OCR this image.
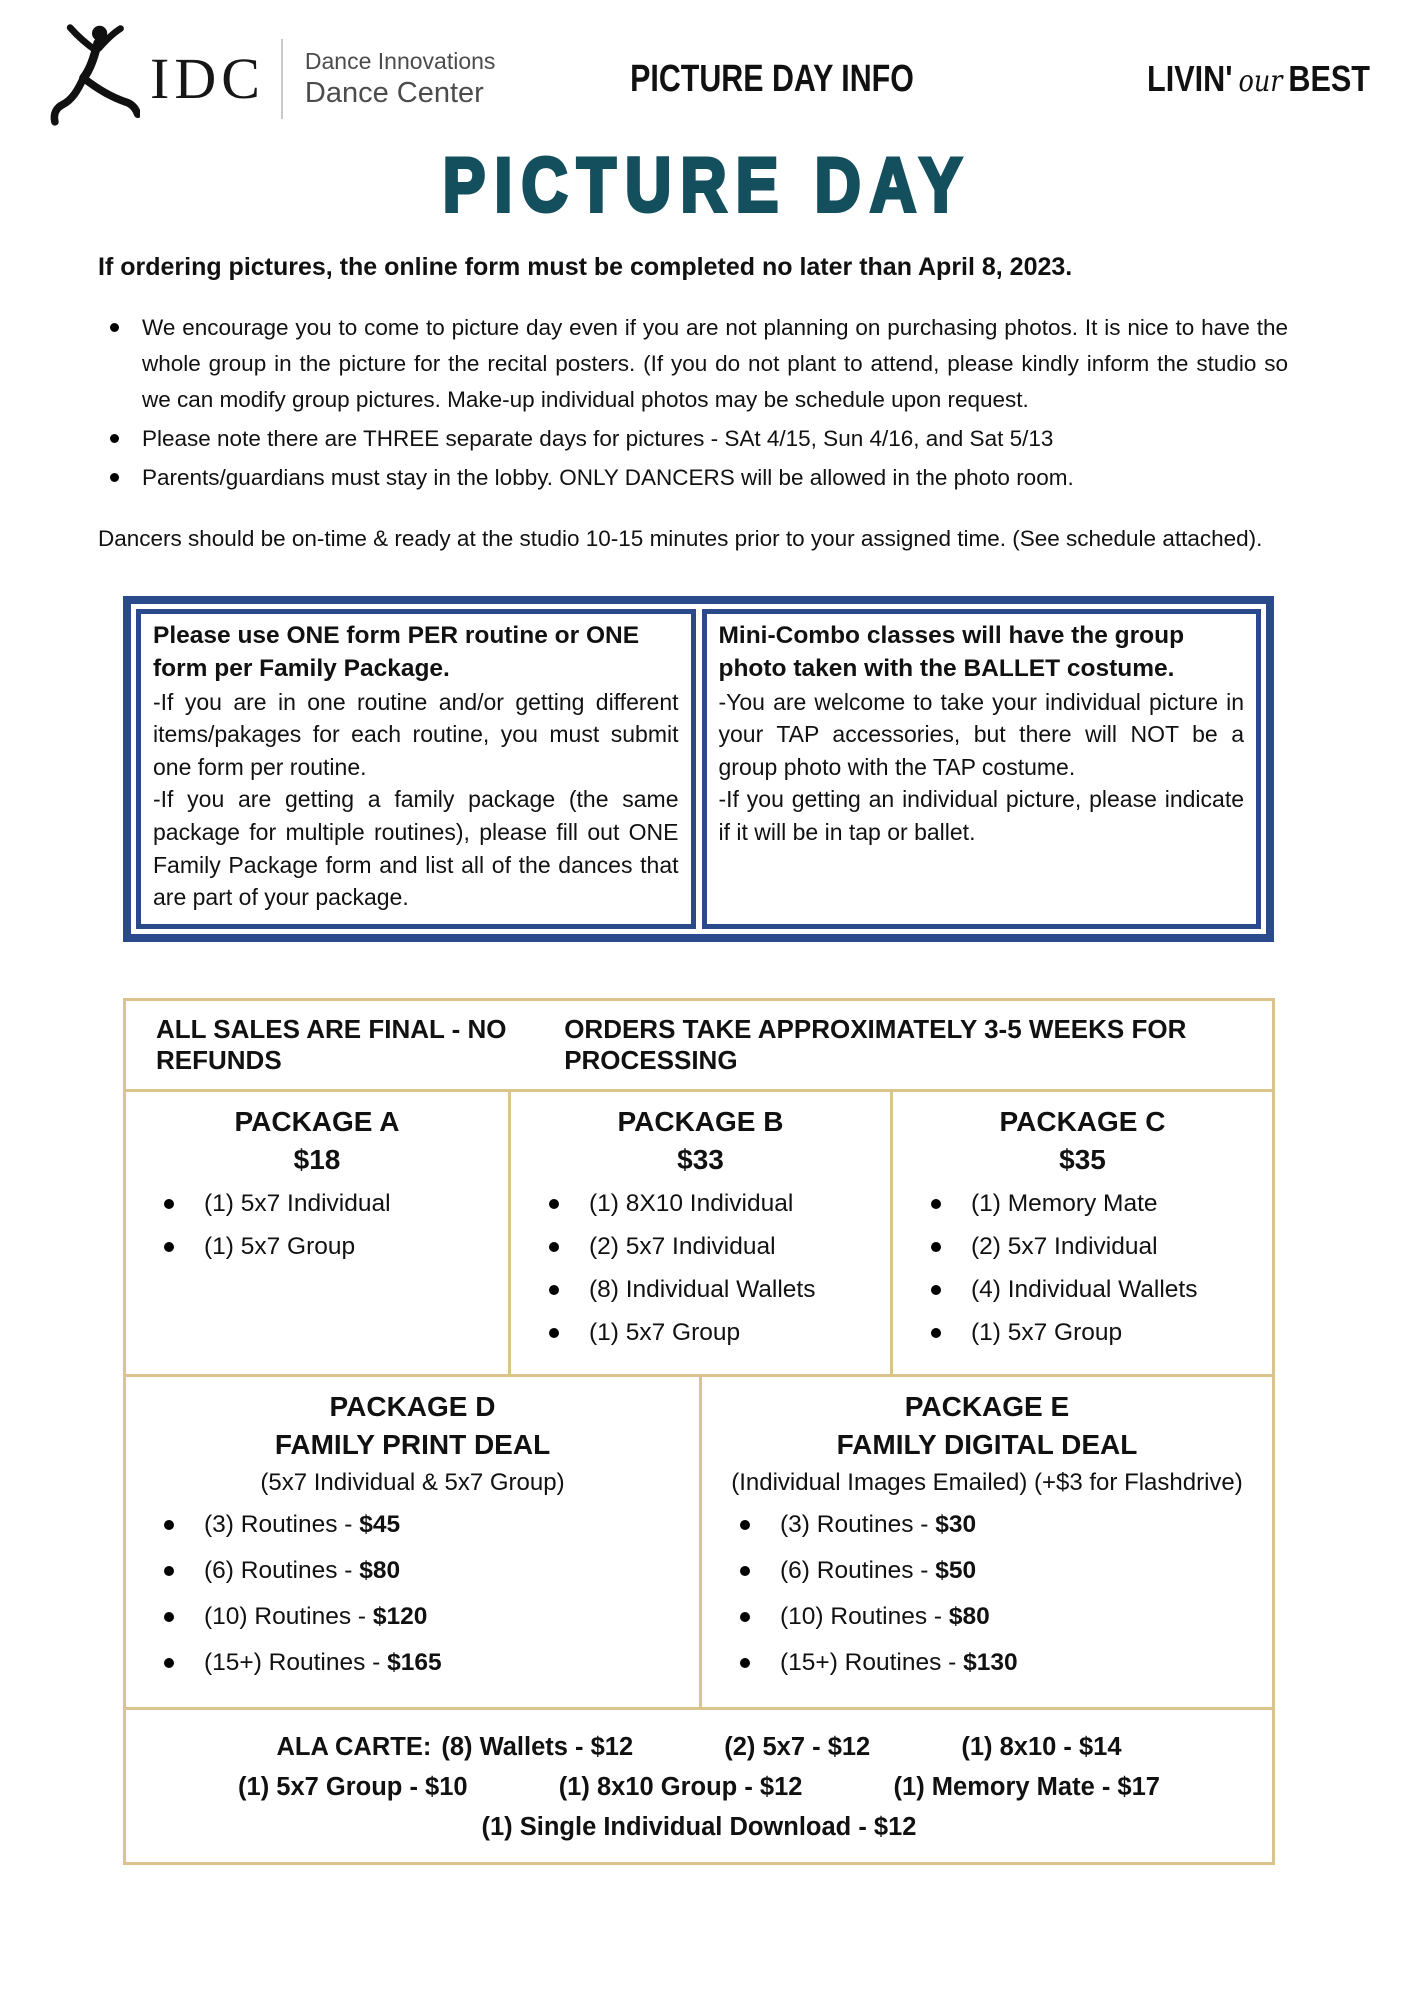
IDC Dance Innovations
Dance Center	PICTURE DAY INFO	LIVIN' our BEST
PICTURE DAY

If ordering pictures, the online form must be completed no later than April 8, 2023.

We encourage you to come to picture day even if you are not planning on purchasing photos. It is nice to have the whole group in the picture for the recital posters. (If you do not plant to attend, please kindly inform the studio so we can modify group pictures. Make-up individual photos may be schedule upon request.
Please note there are THREE separate days for pictures - SAt 4/15, Sun 4/16, and Sat 5/13
Parents/guardians must stay in the lobby. ONLY DANCERS will be allowed in the photo room.

Dancers should be on-time & ready at the studio 10-15 minutes prior to your assigned time. (See schedule attached).

Please use ONE form PER routine or ONE form per Family Package.

-If you are in one routine and/or getting different items/pakages for each routine, you must submit one form per routine.

-If you are getting a family package (the same package for multiple routines), please fill out ONE Family Package form and list all of the dances that are part of your package.

Mini-Combo classes will have the group photo taken with the BALLET costume.

-You are welcome to take your individual picture in your TAP accessories, but there will NOT be a group photo with the TAP costume.

-If you getting an individual picture, please indicate if it will be in tap or ballet.

ALL SALES ARE FINAL - NO REFUNDS
ORDERS TAKE APPROXIMATELY 3-5 WEEKS FOR PROCESSING
PACKAGE A
$18
(1) 5x7 Individual
(1) 5x7 Group
PACKAGE B
$33
(1) 8X10 Individual
(2) 5x7 Individual
(8) Individual Wallets
(1) 5x7 Group
PACKAGE C
$35
(1) Memory Mate
(2) 5x7 Individual
(4) Individual Wallets
(1) 5x7 Group
PACKAGE D
FAMILY PRINT DEAL
(5x7 Individual & 5x7 Group)
(3) Routines - $45
(6) Routines - $80
(10) Routines - $120
(15+) Routines - $165
PACKAGE E
FAMILY DIGITAL DEAL
(Individual Images Emailed) (+$3 for Flashdrive)
(3) Routines - $30
(6) Routines - $50
(10) Routines - $80
(15+) Routines - $130
ALA CARTE: (8) Wallets - $12	(2) 5x7 - $12	(1) 8x10 - $14
(1) 5x7 Group - $10	(1) 8x10 Group - $12	(1) Memory Mate - $17
(1) Single Individual Download - $12
